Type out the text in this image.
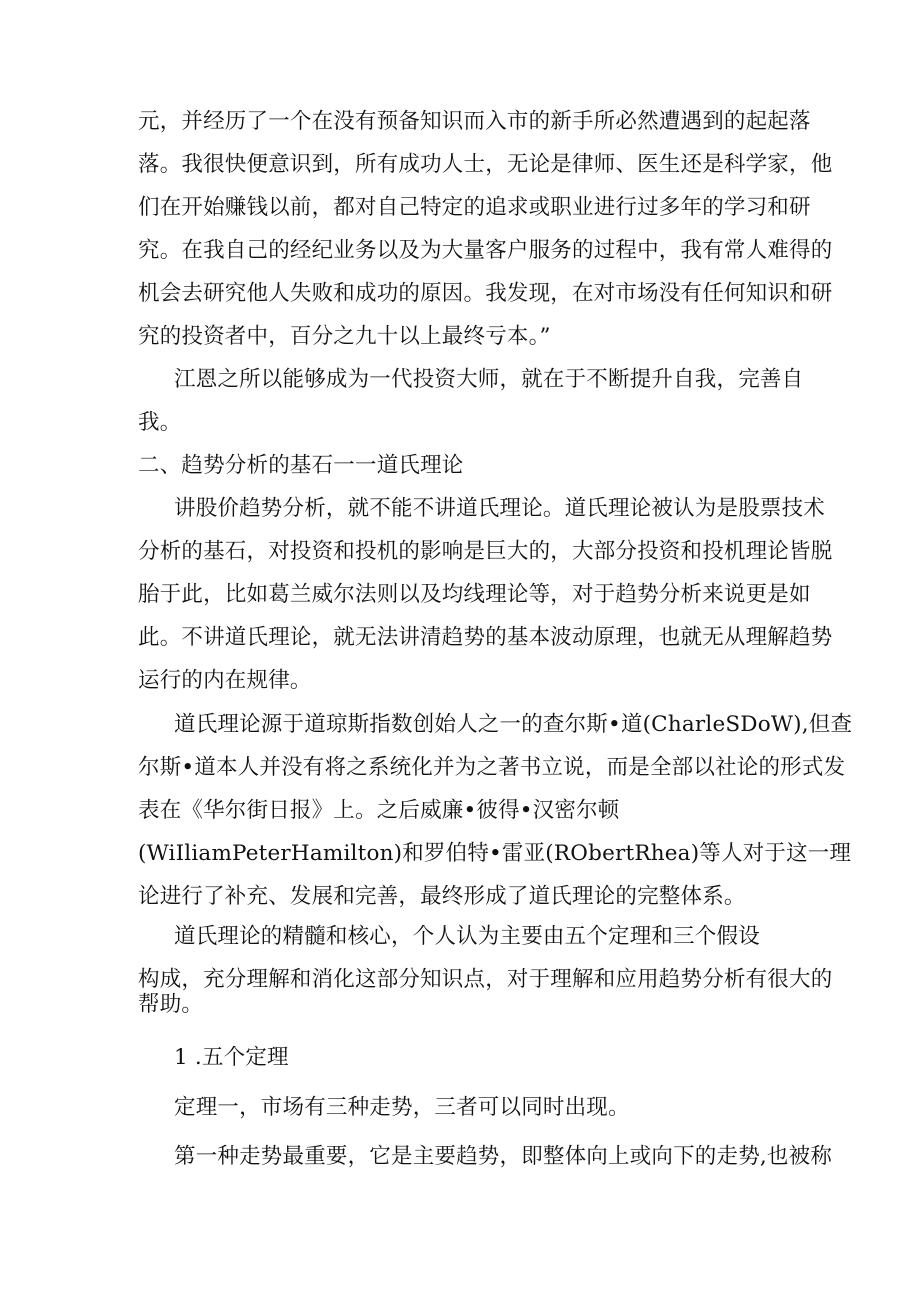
元，并经历了一个在没有预备知识而入市的新手所必然遭遇到的起起落
落。我很快便意识到，所有成功人士，无论是律师、医生还是科学家，他
们在开始赚钱以前，都对自己特定的追求或职业进行过多年的学习和研
究。在我自己的经纪业务以及为大量客户服务的过程中，我有常人难得的
机会去研究他人失败和成功的原因。我发现，在对市场没有任何知识和研
究的投资者中，百分之九十以上最终亏本。”
江恩之所以能够成为一代投资大师，就在于不断提升自我，完善自
我。
二、趋势分析的基石一一道氏理论
讲股价趋势分析，就不能不讲道氏理论。道氏理论被认为是股票技术
分析的基石，对投资和投机的影响是巨大的，大部分投资和投机理论皆脱
胎于此，比如葛兰威尔法则以及均线理论等，对于趋势分析来说更是如
此。不讲道氏理论，就无法讲清趋势的基本波动原理，也就无从理解趋势
运行的内在规律。
道氏理论源于道琼斯指数创始人之一的查尔斯•道(CharleSDoW),但查
尔斯•道本人并没有将之系统化并为之著书立说，而是全部以社论的形式发
表在《华尔街日报》上。之后威廉•彼得•汉密尔顿
(WiIliamPeterHamilton)和罗伯特•雷亚(RObertRhea)等人对于这一理
论进行了补充、发展和完善，最终形成了道氏理论的完整体系。
道氏理论的精髓和核心，个人认为主要由五个定理和三个假设
构成，充分理解和消化这部分知识点，对于理解和应用趋势分析有很大的
帮助。
1 .五个定理
定理一，市场有三种走势，三者可以同时出现。
第一种走势最重要，它是主要趋势，即整体向上或向下的走势,也被称
